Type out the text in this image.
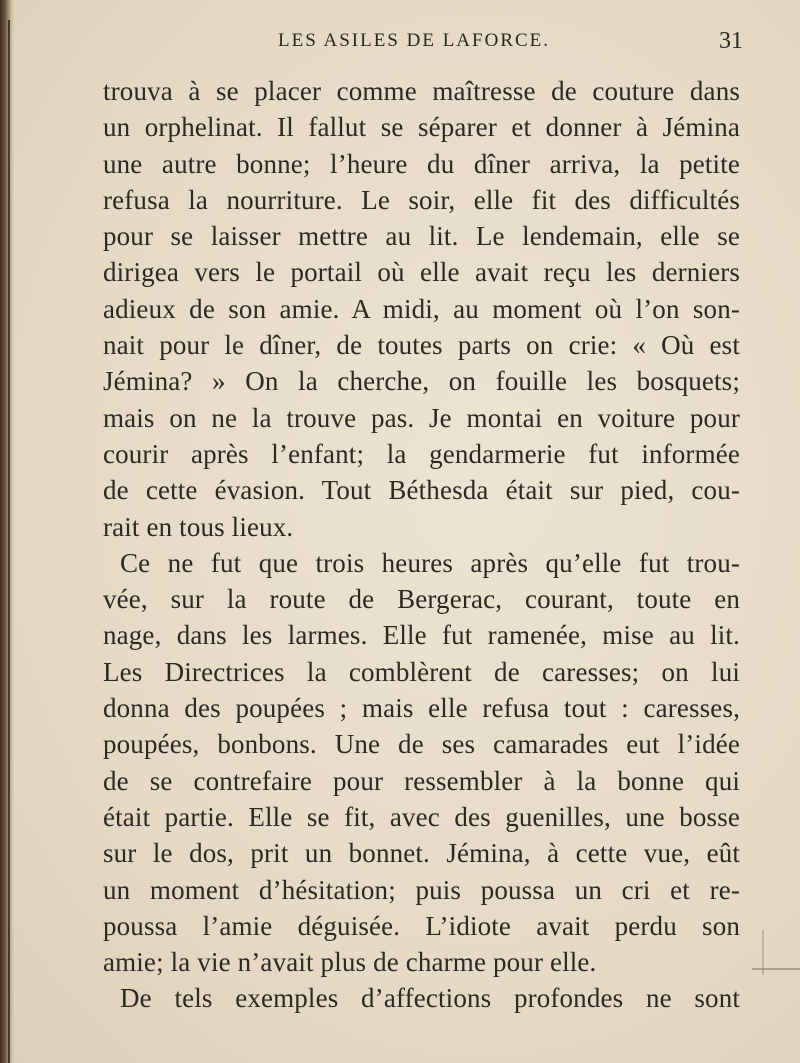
LES ASILES DE LAFORCE.	31
trouva à se placer comme maîtresse de couture dans
un orphelinat. Il fallut se séparer et donner à Jémina
une autre bonne; l’heure du dîner arriva, la petite
refusa la nourriture. Le soir, elle fit des difficultés
pour se laisser mettre au lit. Le lendemain, elle se
dirigea vers le portail où elle avait reçu les derniers
adieux de son amie. A midi, au moment où l’on son-
nait pour le dîner, de toutes parts on crie: « Où est
Jémina? » On la cherche, on fouille les bosquets;
mais on ne la trouve pas. Je montai en voiture pour
courir après l’enfant; la gendarmerie fut informée
de cette évasion. Tout Béthesda était sur pied, cou-
rait en tous lieux.
Ce ne fut que trois heures après qu’elle fut trou-
vée, sur la route de Bergerac, courant, toute en
nage, dans les larmes. Elle fut ramenée, mise au lit.
Les Directrices la comblèrent de caresses; on lui
donna des poupées ; mais elle refusa tout : caresses,
poupées, bonbons. Une de ses camarades eut l’idée
de se contrefaire pour ressembler à la bonne qui
était partie. Elle se fit, avec des guenilles, une bosse
sur le dos, prit un bonnet. Jémina, à cette vue, eût
un moment d’hésitation; puis poussa un cri et re-
poussa l’amie déguisée. L’idiote avait perdu son
amie; la vie n’avait plus de charme pour elle.
De tels exemples d’affections profondes ne sont
